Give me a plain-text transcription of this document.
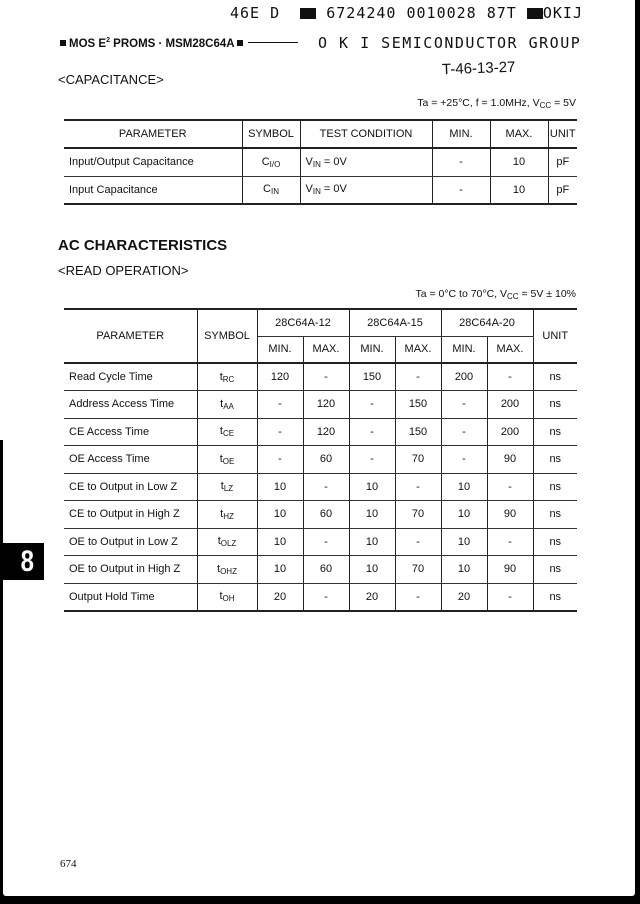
46E D	6724240 0010028 87T OKIJ
MOS $E^2$ PROMS · MSM28C64A	O K I SEMICONDUCTOR GROUP
<CAPACITANCE>
T-46-13-27
Ta = +25°C, f = 1.0MHz, $V_{CC} = 5V$
PARAMETER	SYMBOL	TEST CONDITION	MIN.	MAX.	UNIT
Input/Output Capacitance	$C_{I/O}$	$V_{IN} = 0V$	-	10	pF
Input Capacitance	$C_{IN}$	$V_{IN} = 0V$	-	10	pF
AC CHARACTERISTICS
<READ OPERATION>
Ta = 0°C to 70°C, $V_{CC} = 5V \pm 10\%$
PARAMETER	SYMBOL	28C64A-12		28C64A-15		28C64A-20		UNIT
		MIN.	MAX.	MIN.	MAX.	MIN.	MAX.	
Read Cycle Time	$t_{RC}$	120	-	150	-	200	-	ns
Address Access Time	$t_{AA}$	-	120	-	150	-	200	ns
CE Access Time	$t_{CE}$	-	120	-	150	-	200	ns
OE Access Time	$t_{OE}$	-	60	-	70	-	90	ns
CE to Output in Low Z	$t_{LZ}$	10	-	10	-	10	-	ns
CE to Output in High Z	$t_{HZ}$	10	60	10	70	10	90	ns
OE to Output in Low Z	$t_{OLZ}$	10	-	10	-	10	-	ns
OE to Output in High Z	$t_{OHZ}$	10	60	10	70	10	90	ns
Output Hold Time	$t_{OH}$	20	-	20	-	20	-	ns
8
674
